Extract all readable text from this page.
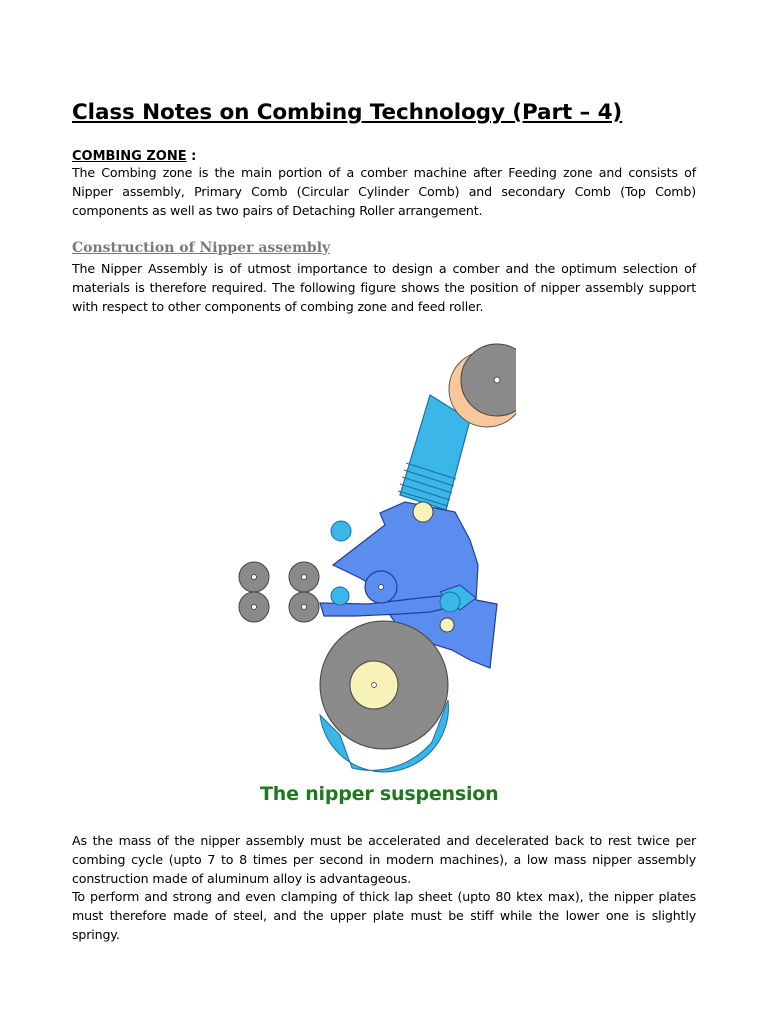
Class Notes on Combing Technology (Part – 4)
COMBING ZONE :

The Combing zone is the main portion of a comber machine after Feeding zone and consists of Nipper assembly, Primary Comb (Circular Cylinder Comb) and secondary Comb (Top Comb) components as well as two pairs of Detaching Roller arrangement.

Construction of Nipper assembly

The Nipper Assembly is of utmost importance to design a comber and the optimum selection of materials is therefore required. The following figure shows the position of nipper assembly support with respect to other components of combing zone and feed roller.

The nipper suspension

As the mass of the nipper assembly must be accelerated and decelerated back to rest twice per combing cycle (upto 7 to 8 times per second in modern machines), a low mass nipper assembly construction made of aluminum alloy is advantageous.

To perform and strong and even clamping of thick lap sheet (upto 80 ktex max), the nipper plates must therefore made of steel, and the upper plate must be stiff while the lower one is slightly springy.
